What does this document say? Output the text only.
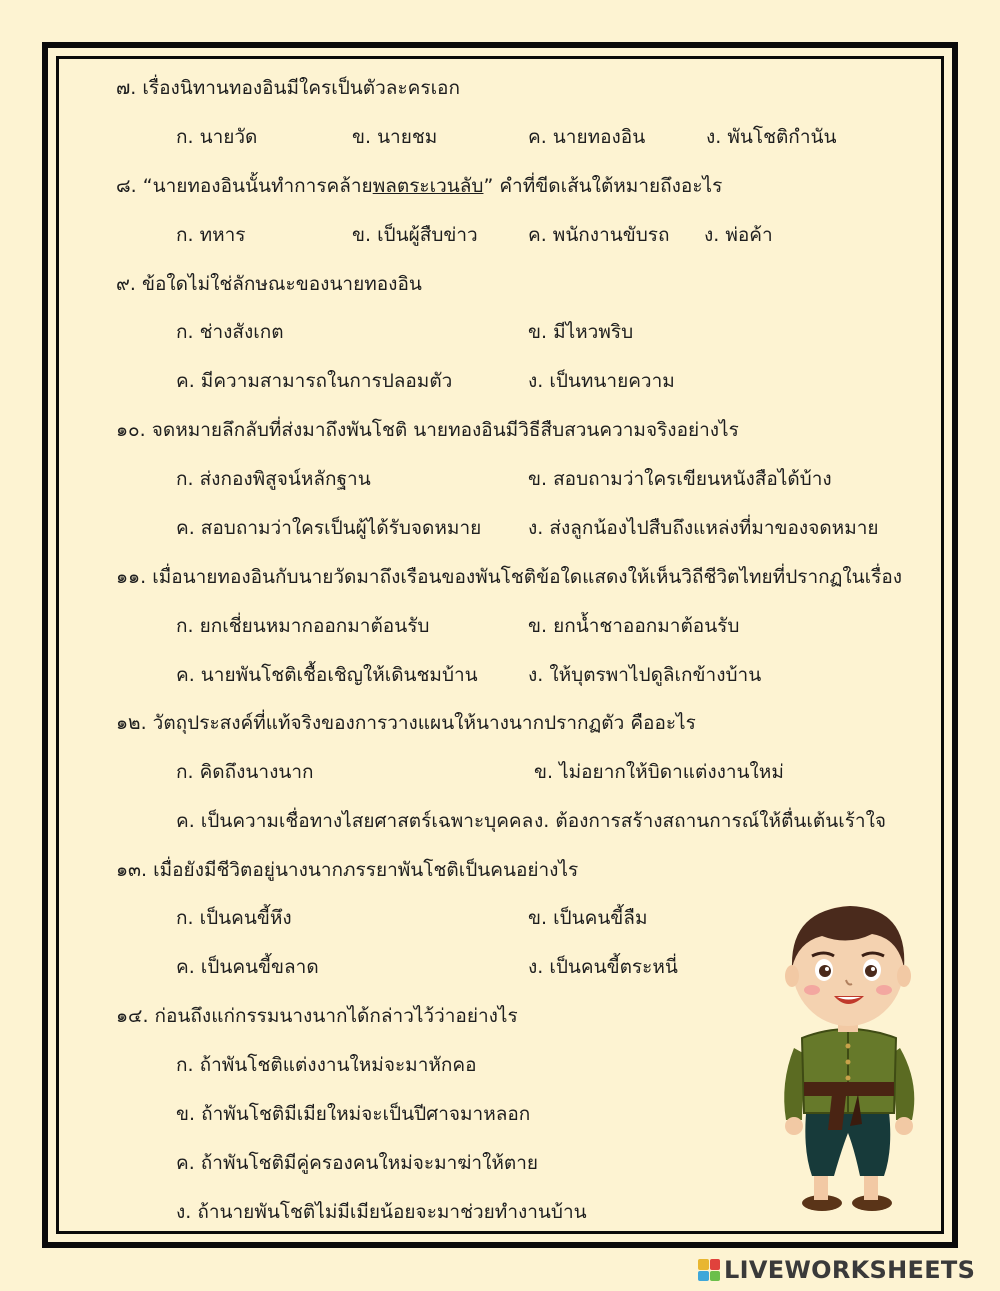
๗. เรื่องนิทานทองอินมีใครเป็นตัวละครเอก
ก. นายวัด	ข. นายชม	ค. นายทองอิน	ง. พันโชติกำนัน
๘. “นายทองอินนั้นทำการคล้ายพลตระเวนลับ” คำที่ขีดเส้นใต้หมายถึงอะไร
ก. ทหาร	ข. เป็นผู้สืบข่าว	ค. พนักงานขับรถ ง. พ่อค้า
๙. ข้อใดไม่ใช่ลักษณะของนายทองอิน
ก. ช่างสังเกต	ข. มีไหวพริบ
ค. มีความสามารถในการปลอมตัว	ง. เป็นทนายความ
๑๐. จดหมายลึกลับที่ส่งมาถึงพันโชติ นายทองอินมีวิธีสืบสวนความจริงอย่างไร
ก. ส่งกองพิสูจน์หลักฐาน	ข. สอบถามว่าใครเขียนหนังสือได้บ้าง
ค. สอบถามว่าใครเป็นผู้ได้รับจดหมาย ง. ส่งลูกน้องไปสืบถึงแหล่งที่มาของจดหมาย
๑๑. เมื่อนายทองอินกับนายวัดมาถึงเรือนของพันโชติข้อใดแสดงให้เห็นวิถีชีวิตไทยที่ปรากฏในเรื่อง
ก. ยกเชี่ยนหมากออกมาต้อนรับ	ข. ยกน้ำชาออกมาต้อนรับ
ค. นายพันโชติเชื้อเชิญให้เดินชมบ้าน	ง. ให้บุตรพาไปดูลิเกข้างบ้าน
๑๒. วัตถุประสงค์ที่แท้จริงของการวางแผนให้นางนากปรากฏตัว คืออะไร
ก. คิดถึงนางนาก	ข. ไม่อยากให้บิดาแต่งงานใหม่
ค. เป็นความเชื่อทางไสยศาสตร์เฉพาะบุคคล ง. ต้องการสร้างสถานการณ์ให้ตื่นเต้นเร้าใจ
๑๓. เมื่อยังมีชีวิตอยู่นางนากภรรยาพันโชติเป็นคนอย่างไร
ก. เป็นคนขี้หึง	ข. เป็นคนขี้ลืม
ค. เป็นคนขี้ขลาด	ง. เป็นคนขี้ตระหนี่
๑๔. ก่อนถึงแก่กรรมนางนากได้กล่าวไว้ว่าอย่างไร
ก. ถ้าพันโชติแต่งงานใหม่จะมาหักคอ
ข. ถ้าพันโชติมีเมียใหม่จะเป็นปีศาจมาหลอก
ค. ถ้าพันโชติมีคู่ครองคนใหม่จะมาฆ่าให้ตาย
ง. ถ้านายพันโชติไม่มีเมียน้อยจะมาช่วยทำงานบ้าน
LIVEWORKSHEETS
